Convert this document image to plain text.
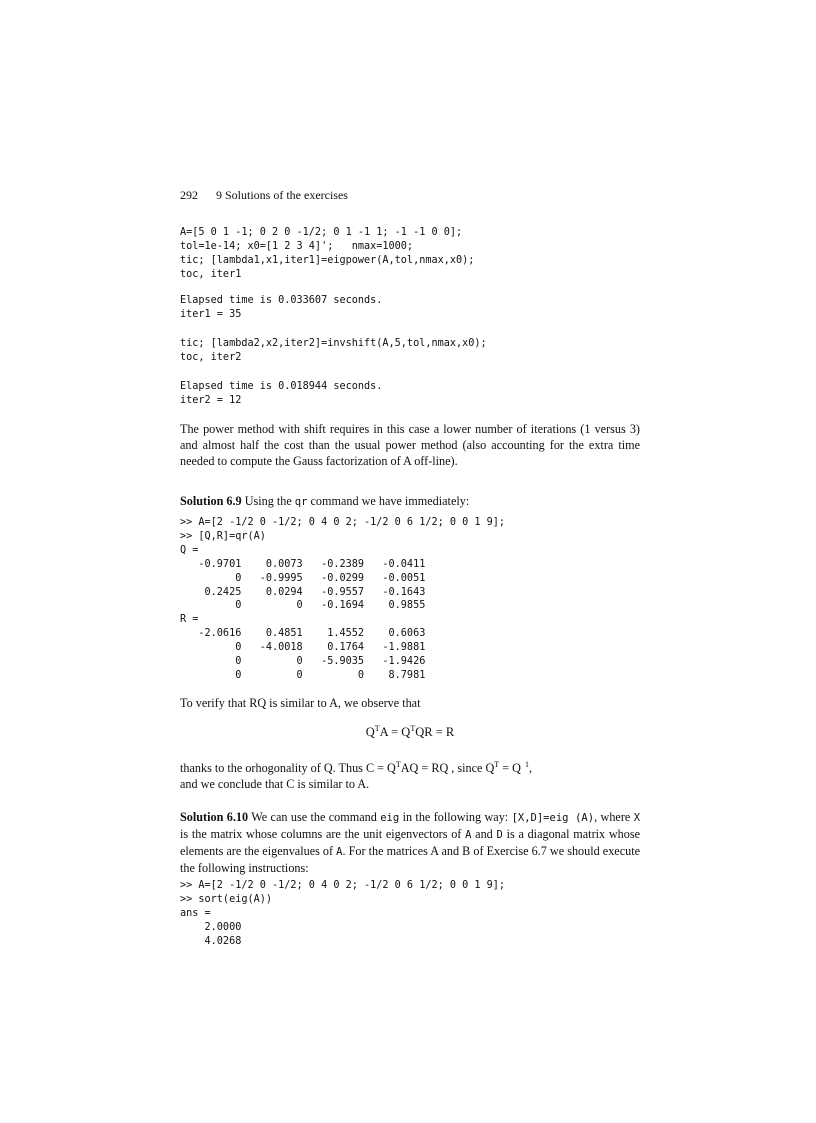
292 9 Solutions of the exercises
A=[5 0 1 -1; 0 2 0 -1/2; 0 1 -1 1; -1 -1 0 0];
tol=1e-14; x0=[1 2 3 4]';   nmax=1000;
tic; [lambda1,x1,iter1]=eigpower(A,tol,nmax,x0);
toc, iter1
Elapsed time is 0.033607 seconds.
iter1 = 35
tic; [lambda2,x2,iter2]=invshift(A,5,tol,nmax,x0);
toc, iter2
Elapsed time is 0.018944 seconds.
iter2 = 12
The power method with shift requires in this case a lower number of iterations (1 versus 3) and almost half the cost than the usual power method (also accounting for the extra time needed to compute the Gauss factorization of A off-line).
Solution 6.9 Using the qr command we have immediately:
>> A=[2 -1/2 0 -1/2; 0 4 0 2; -1/2 0 6 1/2; 0 0 1 9];
>> [Q,R]=qr(A)
Q =
-0.9701    0.0073   -0.2389   -0.0411
0   -0.9995   -0.0299   -0.0051
0.2425    0.0294   -0.9557   -0.1643
0         0   -0.1694    0.9855
R =
-2.0616    0.4851    1.4552    0.6063
0   -4.0018    0.1764   -1.9881
0         0   -5.9035   -1.9426
0         0         0    8.7981
To verify that RQ is similar to A, we observe that
$Q^TA = Q^TQR = R$
thanks to the orhogonality of Q. Thus $C = Q^TAQ$ = RQ , since $Q^T = Q$  $^1$,
and we conclude that C is similar to A.
Solution 6.10 We can use the command eig in the following way: [X,D]=eig (A), where X is the matrix whose columns are the unit eigenvectors of A and D is a diagonal matrix whose elements are the eigenvalues of A. For the matrices A and B of Exercise 6.7 we should execute the following instructions:
>> A=[2 -1/2 0 -1/2; 0 4 0 2; -1/2 0 6 1/2; 0 0 1 9];
>> sort(eig(A))
ans =
2.0000
4.0268
